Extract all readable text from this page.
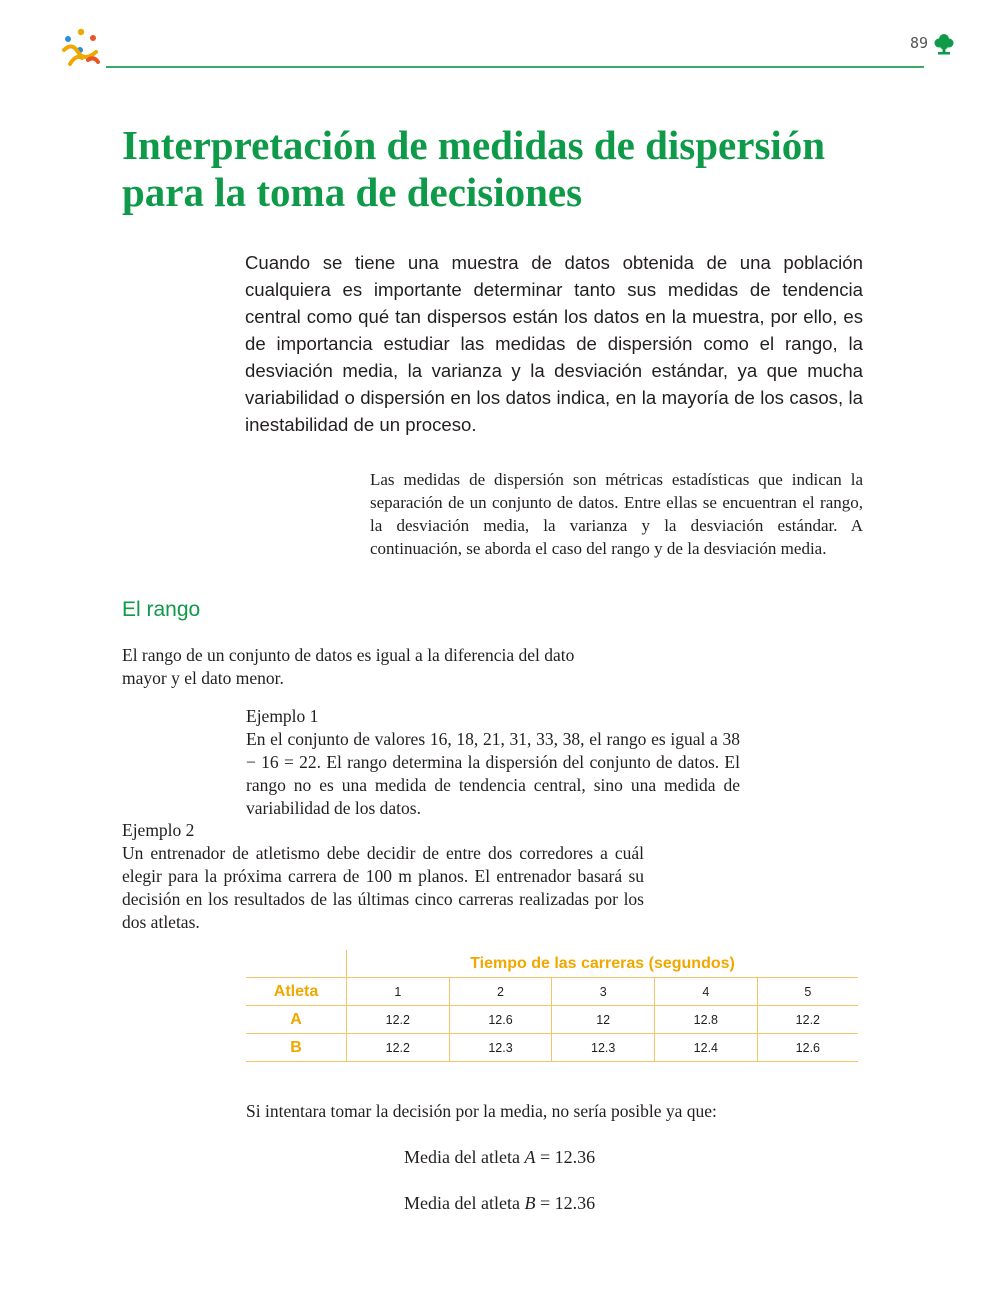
89
Interpretación de medidas de dispersión
para la toma de decisiones
Cuando se tiene una muestra de datos obtenida de una población cualquiera es importante determinar tanto sus medidas de tendencia central como qué tan dispersos están los datos en la muestra, por ello, es de importancia estudiar las medidas de dispersión como el rango, la desviación media, la varianza y la desviación estándar, ya que mucha variabilidad o dispersión en los datos indica, en la mayoría de los casos, la inestabilidad de un proceso.
Las medidas de dispersión son métricas estadísticas que indican la separación de un conjunto de datos. Entre ellas se encuentran el rango, la desviación media, la varianza y la desviación estándar. A continuación, se aborda el caso del rango y de la desviación media.
El rango
El rango de un conjunto de datos es igual a la diferencia del dato mayor y el dato menor.
Ejemplo 1
En el conjunto de valores 16, 18, 21, 31, 33, 38, el rango es igual a 38 − 16 = 22. El rango determina la dispersión del conjunto de datos. El rango no es una medida de tendencia central, sino una medida de variabilidad de los datos.
Ejemplo 2
Un entrenador de atletismo debe decidir de entre dos corredores a cuál elegir para la próxima carrera de 100 m planos. El entrenador basará su decisión en los resultados de las últimas cinco carreras realizadas por los dos atletas.
	Tiempo de las carreras (segundos)				
Atleta	1	2	3	4	5
A	12.2	12.6	12	12.8	12.2
B	12.2	12.3	12.3	12.4	12.6
Si intentara tomar la decisión por la media, no sería posible ya que:
Media del atleta A = 12.36
Media del atleta B = 12.36
